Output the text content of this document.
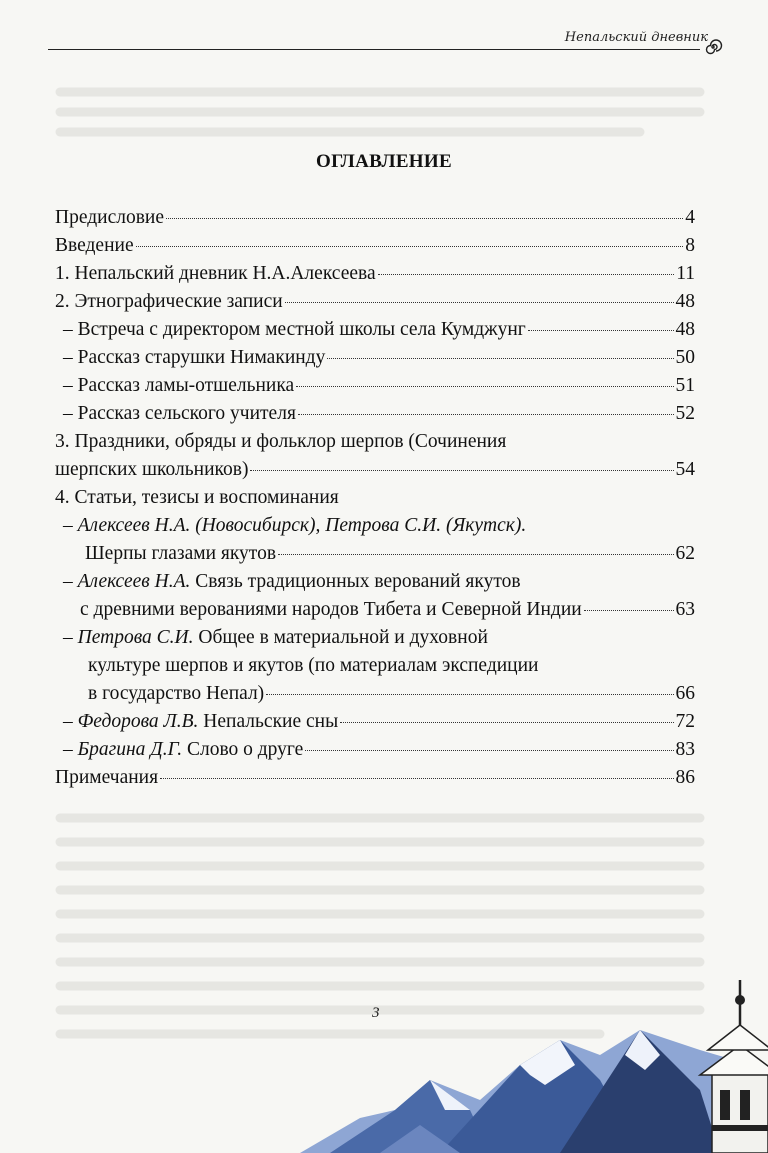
Непальский дневник
ОГЛАВЛЕНИЕ
Предисловие	4
Введение	8
1. Непальский дневник Н.А.Алексеева	11
2. Этнографические записи	48
– Встреча с директором местной школы села Кумджунг	48
– Рассказ старушки Нимакинду	50
– Рассказ ламы-отшельника	51
– Рассказ сельского учителя	52
3. Праздники, обряды и фольклор шерпов (Сочинения
шерпских школьников)	54
4. Статьи, тезисы и воспоминания
– Алексеев Н.А. (Новосибирск), Петрова С.И. (Якутск).
Шерпы глазами якутов	62
– Алексеев Н.А. Связь традиционных верований якутов
с древними верованиями народов Тибета и Северной Индии	63
– Петрова С.И. Общее в материальной и духовной
культуре шерпов и якутов (по материалам экспедиции
в государство Непал)	66
– Федорова Л.В. Непальские сны	72
– Брагина Д.Г. Слово о друге	83
Примечания	86
3
